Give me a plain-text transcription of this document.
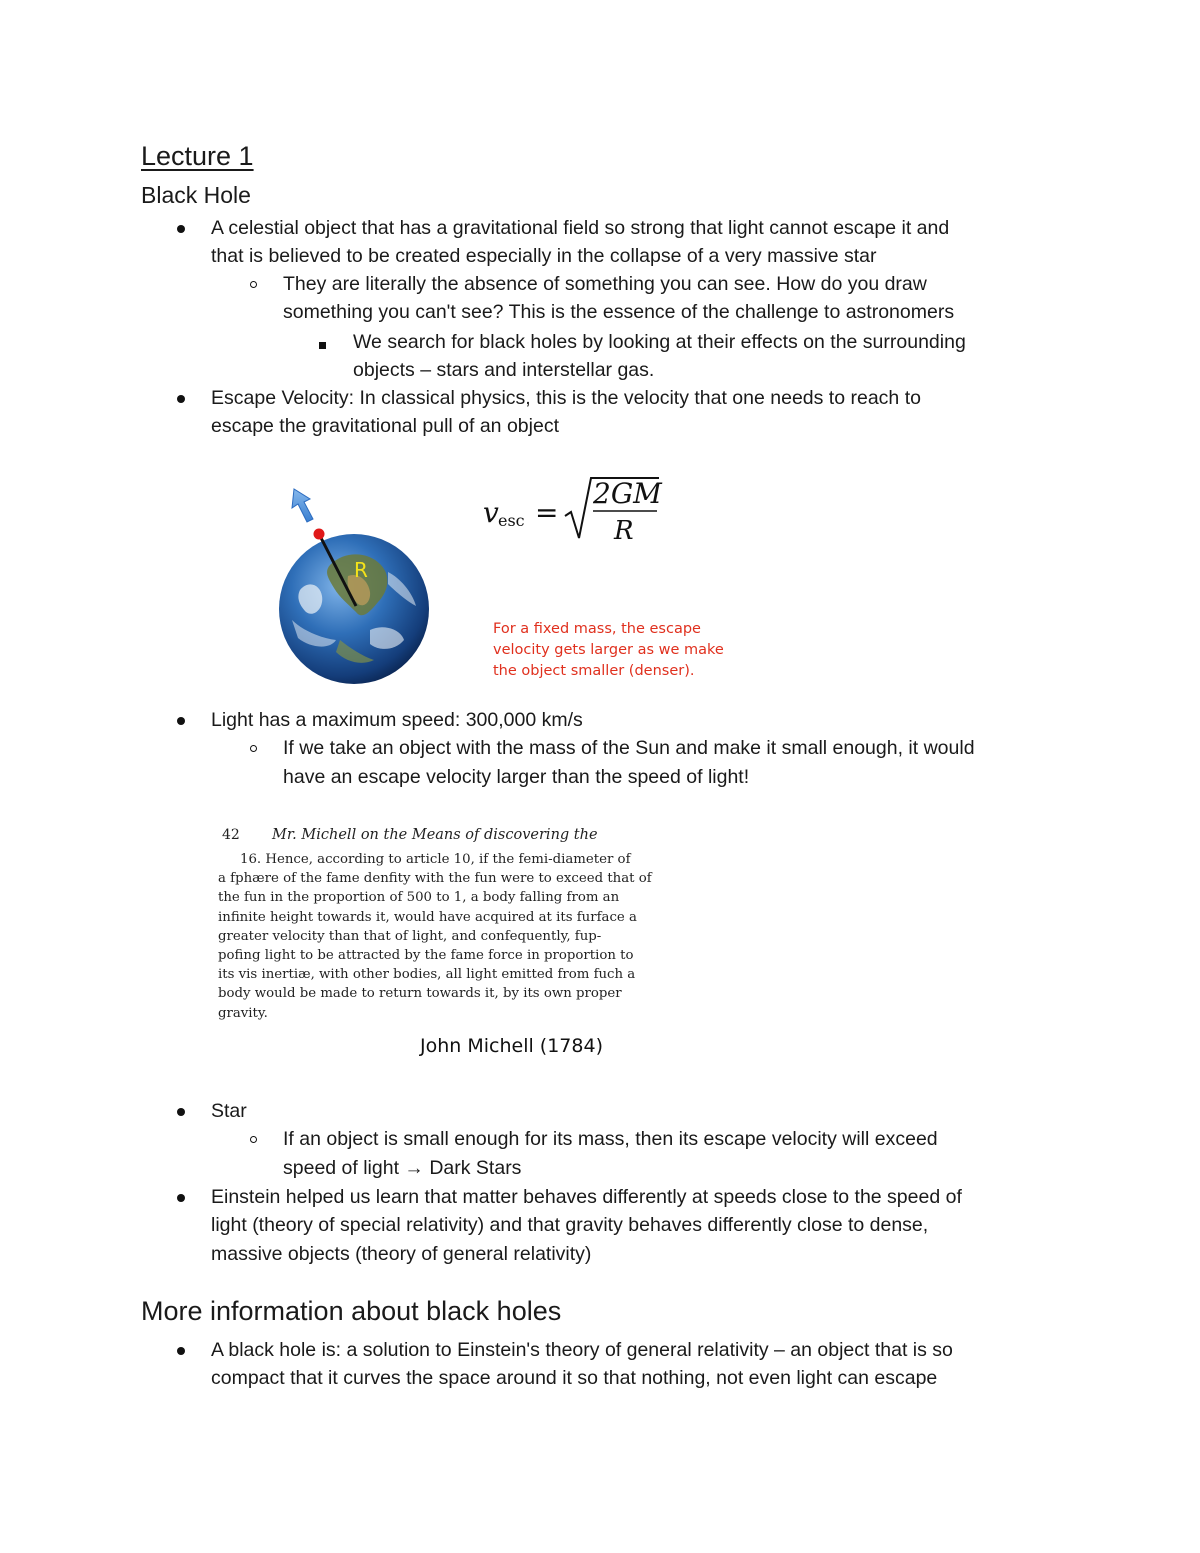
Lecture 1
Black Hole
A celestial object that has a gravitational field so strong that light cannot escape it and
that is believed to be created especially in the collapse of a very massive star
They are literally the absence of something you can see. How do you draw
something you can't see? This is the essence of the challenge to astronomers
We search for black holes by looking at their effects on the surrounding
objects – stars and interstellar gas.
Escape Velocity: In classical physics, this is the velocity that one needs to reach to
escape the gravitational pull of an object
R
v esc =
2GM
R
For a fixed mass, the escape
velocity gets larger as we make
the object smaller (denser).
Light has a maximum speed: 300,000 km/s
If we take an object with the mass of the Sun and make it small enough, it would
have an escape velocity larger than the speed of light!
42 Mr. Michell on the Means of discovering the
16. Hence, according to article 10, if the femi-diameter of
a fphære of the fame denfity with the fun were to exceed that of
the fun in the proportion of 500 to 1, a body falling from an
infinite height towards it, would have acquired at its furface a
greater velocity than that of light, and confequently, fup-
pofing light to be attracted by the fame force in proportion to
its vis inertiæ, with other bodies, all light emitted from fuch a
body would be made to return towards it, by its own proper
gravity.
John Michell (1784)
Star
If an object is small enough for its mass, then its escape velocity will exceed
speed of light → Dark Stars
Einstein helped us learn that matter behaves differently at speeds close to the speed of
light (theory of special relativity) and that gravity behaves differently close to dense,
massive objects (theory of general relativity)
More information about black holes
A black hole is: a solution to Einstein's theory of general relativity – an object that is so
compact that it curves the space around it so that nothing, not even light can escape
